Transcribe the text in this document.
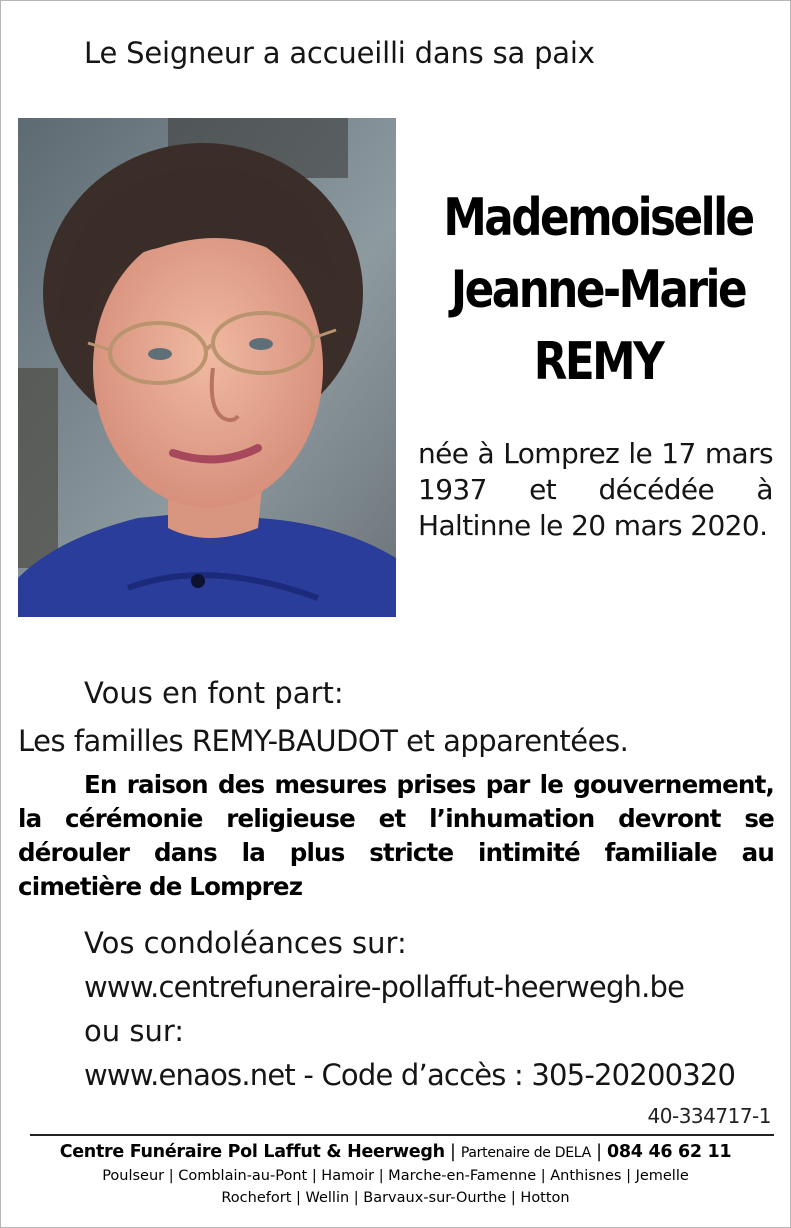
Le Seigneur a accueilli dans sa paix
Mademoiselle
Jeanne-Marie
REMY
née à Lomprez le 17 mars 1937 et décédée à Haltinne le 20 mars 2020.
Vous en font part:
Les familles REMY-BAUDOT et apparentées.
En raison des mesures prises par le gouvernement, la cérémonie religieuse et l’inhumation devront se dérouler dans la plus stricte intimité familiale au cimetière de Lomprez
Vos condoléances sur:
www.centrefuneraire-pollaffut-heerwegh.be
ou sur:
www.enaos.net - Code d’accès : 305-20200320
40-334717-1
Centre Funéraire Pol Laffut & Heerwegh | Partenaire de DELA | 084 46 62 11
Poulseur | Comblain-au-Pont | Hamoir | Marche-en-Famenne | Anthisnes | Jemelle
Rochefort | Wellin | Barvaux-sur-Ourthe | Hotton
